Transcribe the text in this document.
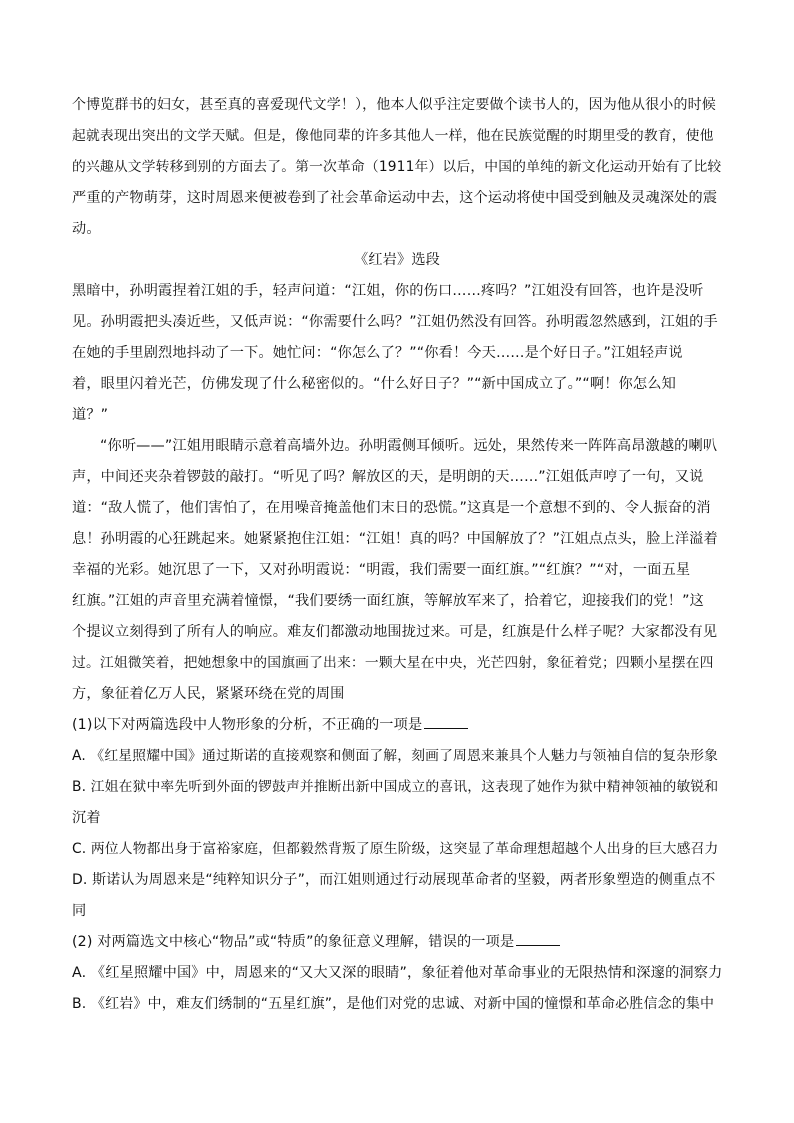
个博览群书的妇女，甚至真的喜爱现代文学！），他本人似乎注定要做个读书人的，因为他从很小的时候
起就表现出突出的文学天赋。但是，像他同辈的许多其他人一样，他在民族觉醒的时期里受的教育，使他
的兴趣从文学转移到别的方面去了。第一次革命（1911年）以后，中国的单纯的新文化运动开始有了比较
严重的产物萌芽，这时周恩来便被卷到了社会革命运动中去，这个运动将使中国受到触及灵魂深处的震
动。
《红岩》选段
黑暗中，孙明霞捏着江姐的手，轻声问道：“江姐，你的伤口……疼吗？”江姐没有回答，也许是没听
见。孙明霞把头凑近些，又低声说：“你需要什么吗？”江姐仍然没有回答。孙明霞忽然感到，江姐的手
在她的手里剧烈地抖动了一下。她忙问：“你怎么了？”“你看！今天……是个好日子。”江姐轻声说
着，眼里闪着光芒，仿佛发现了什么秘密似的。“什么好日子？”“新中国成立了。”“啊！你怎么知
道？”
“你听——”江姐用眼睛示意着高墙外边。孙明霞侧耳倾听。远处，果然传来一阵阵高昂激越的喇叭
声，中间还夹杂着锣鼓的敲打。“听见了吗？解放区的天，是明朗的天……”江姐低声哼了一句，又说
道：“敌人慌了，他们害怕了，在用噪音掩盖他们末日的恐慌。”这真是一个意想不到的、令人振奋的消
息！孙明霞的心狂跳起来。她紧紧抱住江姐：“江姐！真的吗？中国解放了？”江姐点点头，脸上洋溢着
幸福的光彩。她沉思了一下，又对孙明霞说：“明霞，我们需要一面红旗。”“红旗？”“对，一面五星
红旗。”江姐的声音里充满着憧憬，“我们要绣一面红旗，等解放军来了，拾着它，迎接我们的党！”这
个提议立刻得到了所有人的响应。难友们都激动地围拢过来。可是，红旗是什么样子呢？大家都没有见
过。江姐微笑着，把她想象中的国旗画了出来：一颗大星在中央，光芒四射，象征着党；四颗小星摆在四
方，象征着亿万人民，紧紧环绕在党的周围
(1)以下对两篇选段中人物形象的分析，不正确的一项是
A. 《红星照耀中国》通过斯诺的直接观察和侧面了解，刻画了周恩来兼具个人魅力与领袖自信的复杂形象
B. 江姐在狱中率先听到外面的锣鼓声并推断出新中国成立的喜讯，这表现了她作为狱中精神领袖的敏锐和
沉着
C. 两位人物都出身于富裕家庭，但都毅然背叛了原生阶级，这突显了革命理想超越个人出身的巨大感召力
D. 斯诺认为周恩来是“纯粹知识分子”，而江姐则通过行动展现革命者的坚毅，两者形象塑造的侧重点不
同
(2) 对两篇选文中核心“物品”或“特质”的象征意义理解，错误的一项是
A. 《红星照耀中国》中，周恩来的“又大又深的眼睛”，象征着他对革命事业的无限热情和深邃的洞察力
B. 《红岩》中，难友们绣制的“五星红旗”，是他们对党的忠诚、对新中国的憧憬和革命必胜信念的集中
